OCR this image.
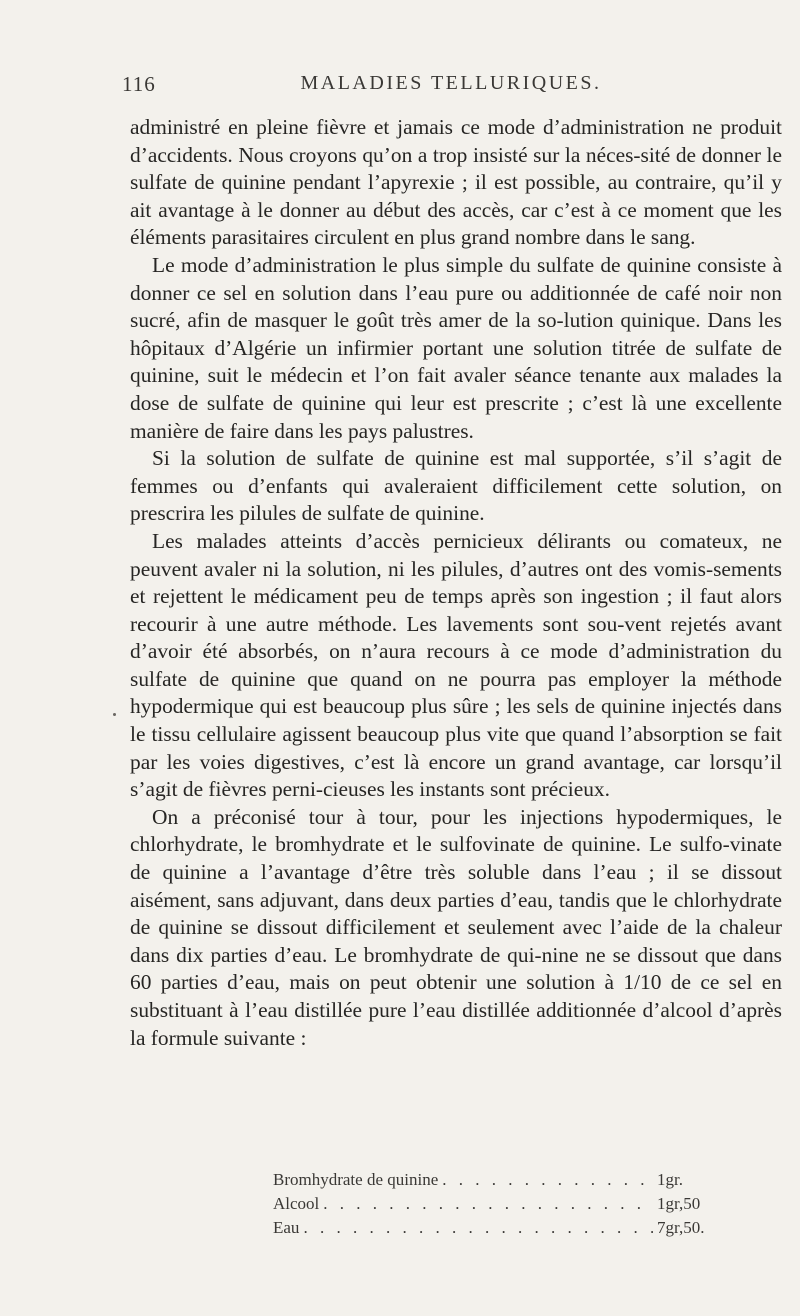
116	MALADIES TELLURIQUES.

administré en pleine fièvre et jamais ce mode d’administration ne produit d’accidents. Nous croyons qu’on a trop insisté sur la néces-sité de donner le sulfate de quinine pendant l’apyrexie ; il est possible, au contraire, qu’il y ait avantage à le donner au début des accès, car c’est à ce moment que les éléments parasitaires circulent en plus grand nombre dans le sang.

Le mode d’administration le plus simple du sulfate de quinine consiste à donner ce sel en solution dans l’eau pure ou additionnée de café noir non sucré, afin de masquer le goût très amer de la so-lution quinique. Dans les hôpitaux d’Algérie un infirmier portant une solution titrée de sulfate de quinine, suit le médecin et l’on fait avaler séance tenante aux malades la dose de sulfate de quinine qui leur est prescrite ; c’est là une excellente manière de faire dans les pays palustres.

Si la solution de sulfate de quinine est mal supportée, s’il s’agit de femmes ou d’enfants qui avaleraient difficilement cette solution, on prescrira les pilules de sulfate de quinine.

Les malades atteints d’accès pernicieux délirants ou comateux, ne peuvent avaler ni la solution, ni les pilules, d’autres ont des vomis-sements et rejettent le médicament peu de temps après son ingestion ; il faut alors recourir à une autre méthode. Les lavements sont sou-vent rejetés avant d’avoir été absorbés, on n’aura recours à ce mode d’administration du sulfate de quinine que quand on ne pourra pas employer la méthode hypodermique qui est beaucoup plus sûre ; les sels de quinine injectés dans le tissu cellulaire agissent beaucoup plus vite que quand l’absorption se fait par les voies digestives, c’est là encore un grand avantage, car lorsqu’il s’agit de fièvres perni-cieuses les instants sont précieux.

On a préconisé tour à tour, pour les injections hypodermiques, le chlorhydrate, le bromhydrate et le sulfovinate de quinine. Le sulfo-vinate de quinine a l’avantage d’être très soluble dans l’eau ; il se dissout aisément, sans adjuvant, dans deux parties d’eau, tandis que le chlorhydrate de quinine se dissout difficilement et seulement avec l’aide de la chaleur dans dix parties d’eau. Le bromhydrate de qui-nine ne se dissout que dans 60 parties d’eau, mais on peut obtenir une solution à 1/10 de ce sel en substituant à l’eau distillée pure l’eau distillée additionnée d’alcool d’après la formule suivante :

Bromhydrate de quinine . . .	1gr.
Alcool . . .	1gr,50
Eau . . .	7gr,50.
